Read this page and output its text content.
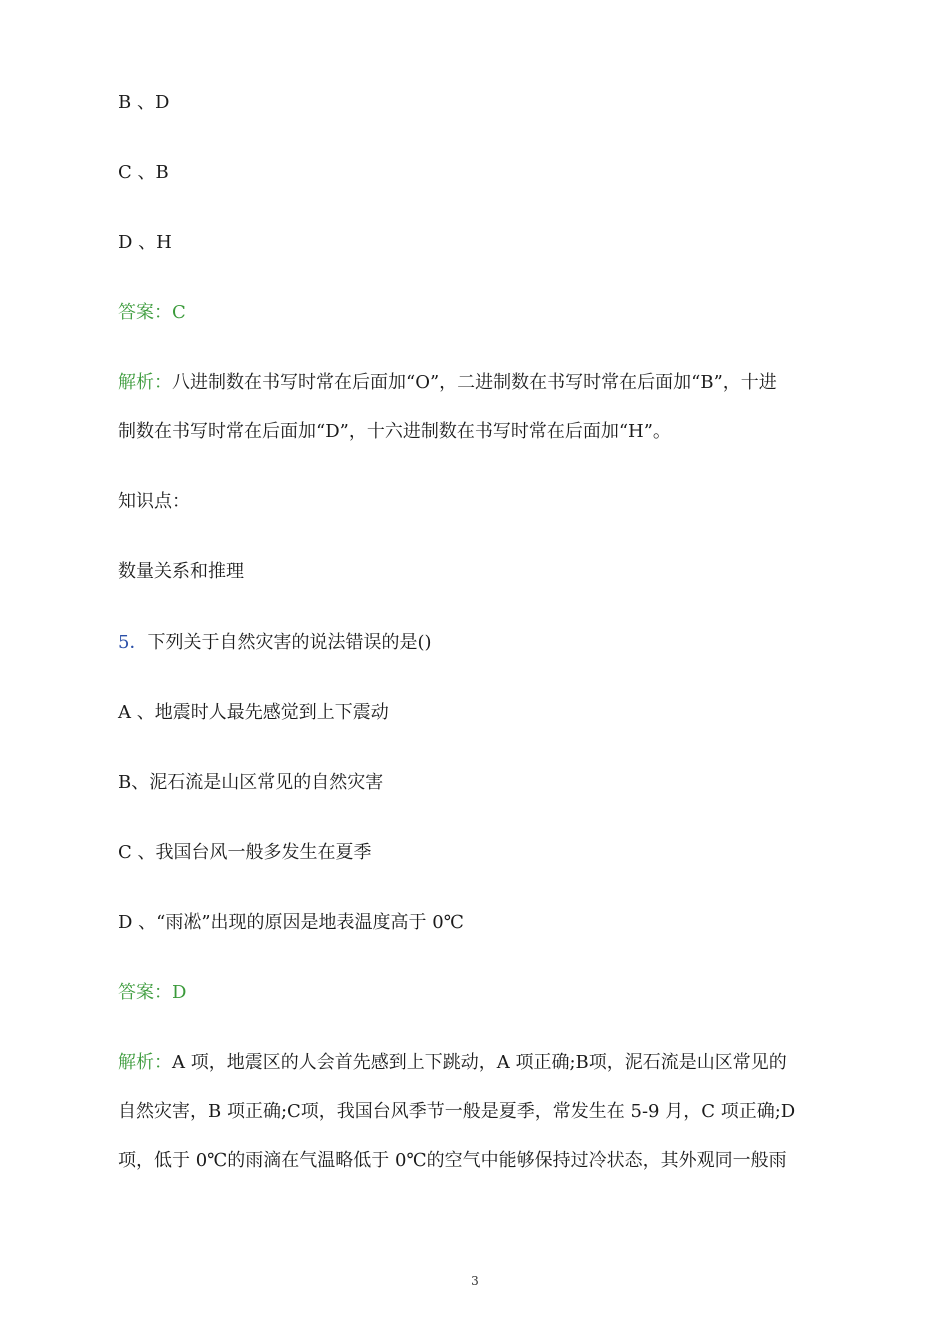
B 、D
C 、B
D 、H
答案：C
解析：八进制数在书写时常在后面加“O”，二进制数在书写时常在后面加“B”，十进
制数在书写时常在后面加“D”，十六进制数在书写时常在后面加“H”。
知识点：
数量关系和推理
5．下列关于自然灾害的说法错误的是()
A 、地震时人最先感觉到上下震动
B、泥石流是山区常见的自然灾害
C 、我国台风一般多发生在夏季
D 、“雨凇”出现的原因是地表温度高于 0℃
答案：D
解析：A 项，地震区的人会首先感到上下跳动，A 项正确;B项，泥石流是山区常见的
自然灾害，B 项正确;C项，我国台风季节一般是夏季，常发生在 5-9 月，C 项正确;D
项，低于 0℃的雨滴在气温略低于 0℃的空气中能够保持过冷状态，其外观同一般雨
3
